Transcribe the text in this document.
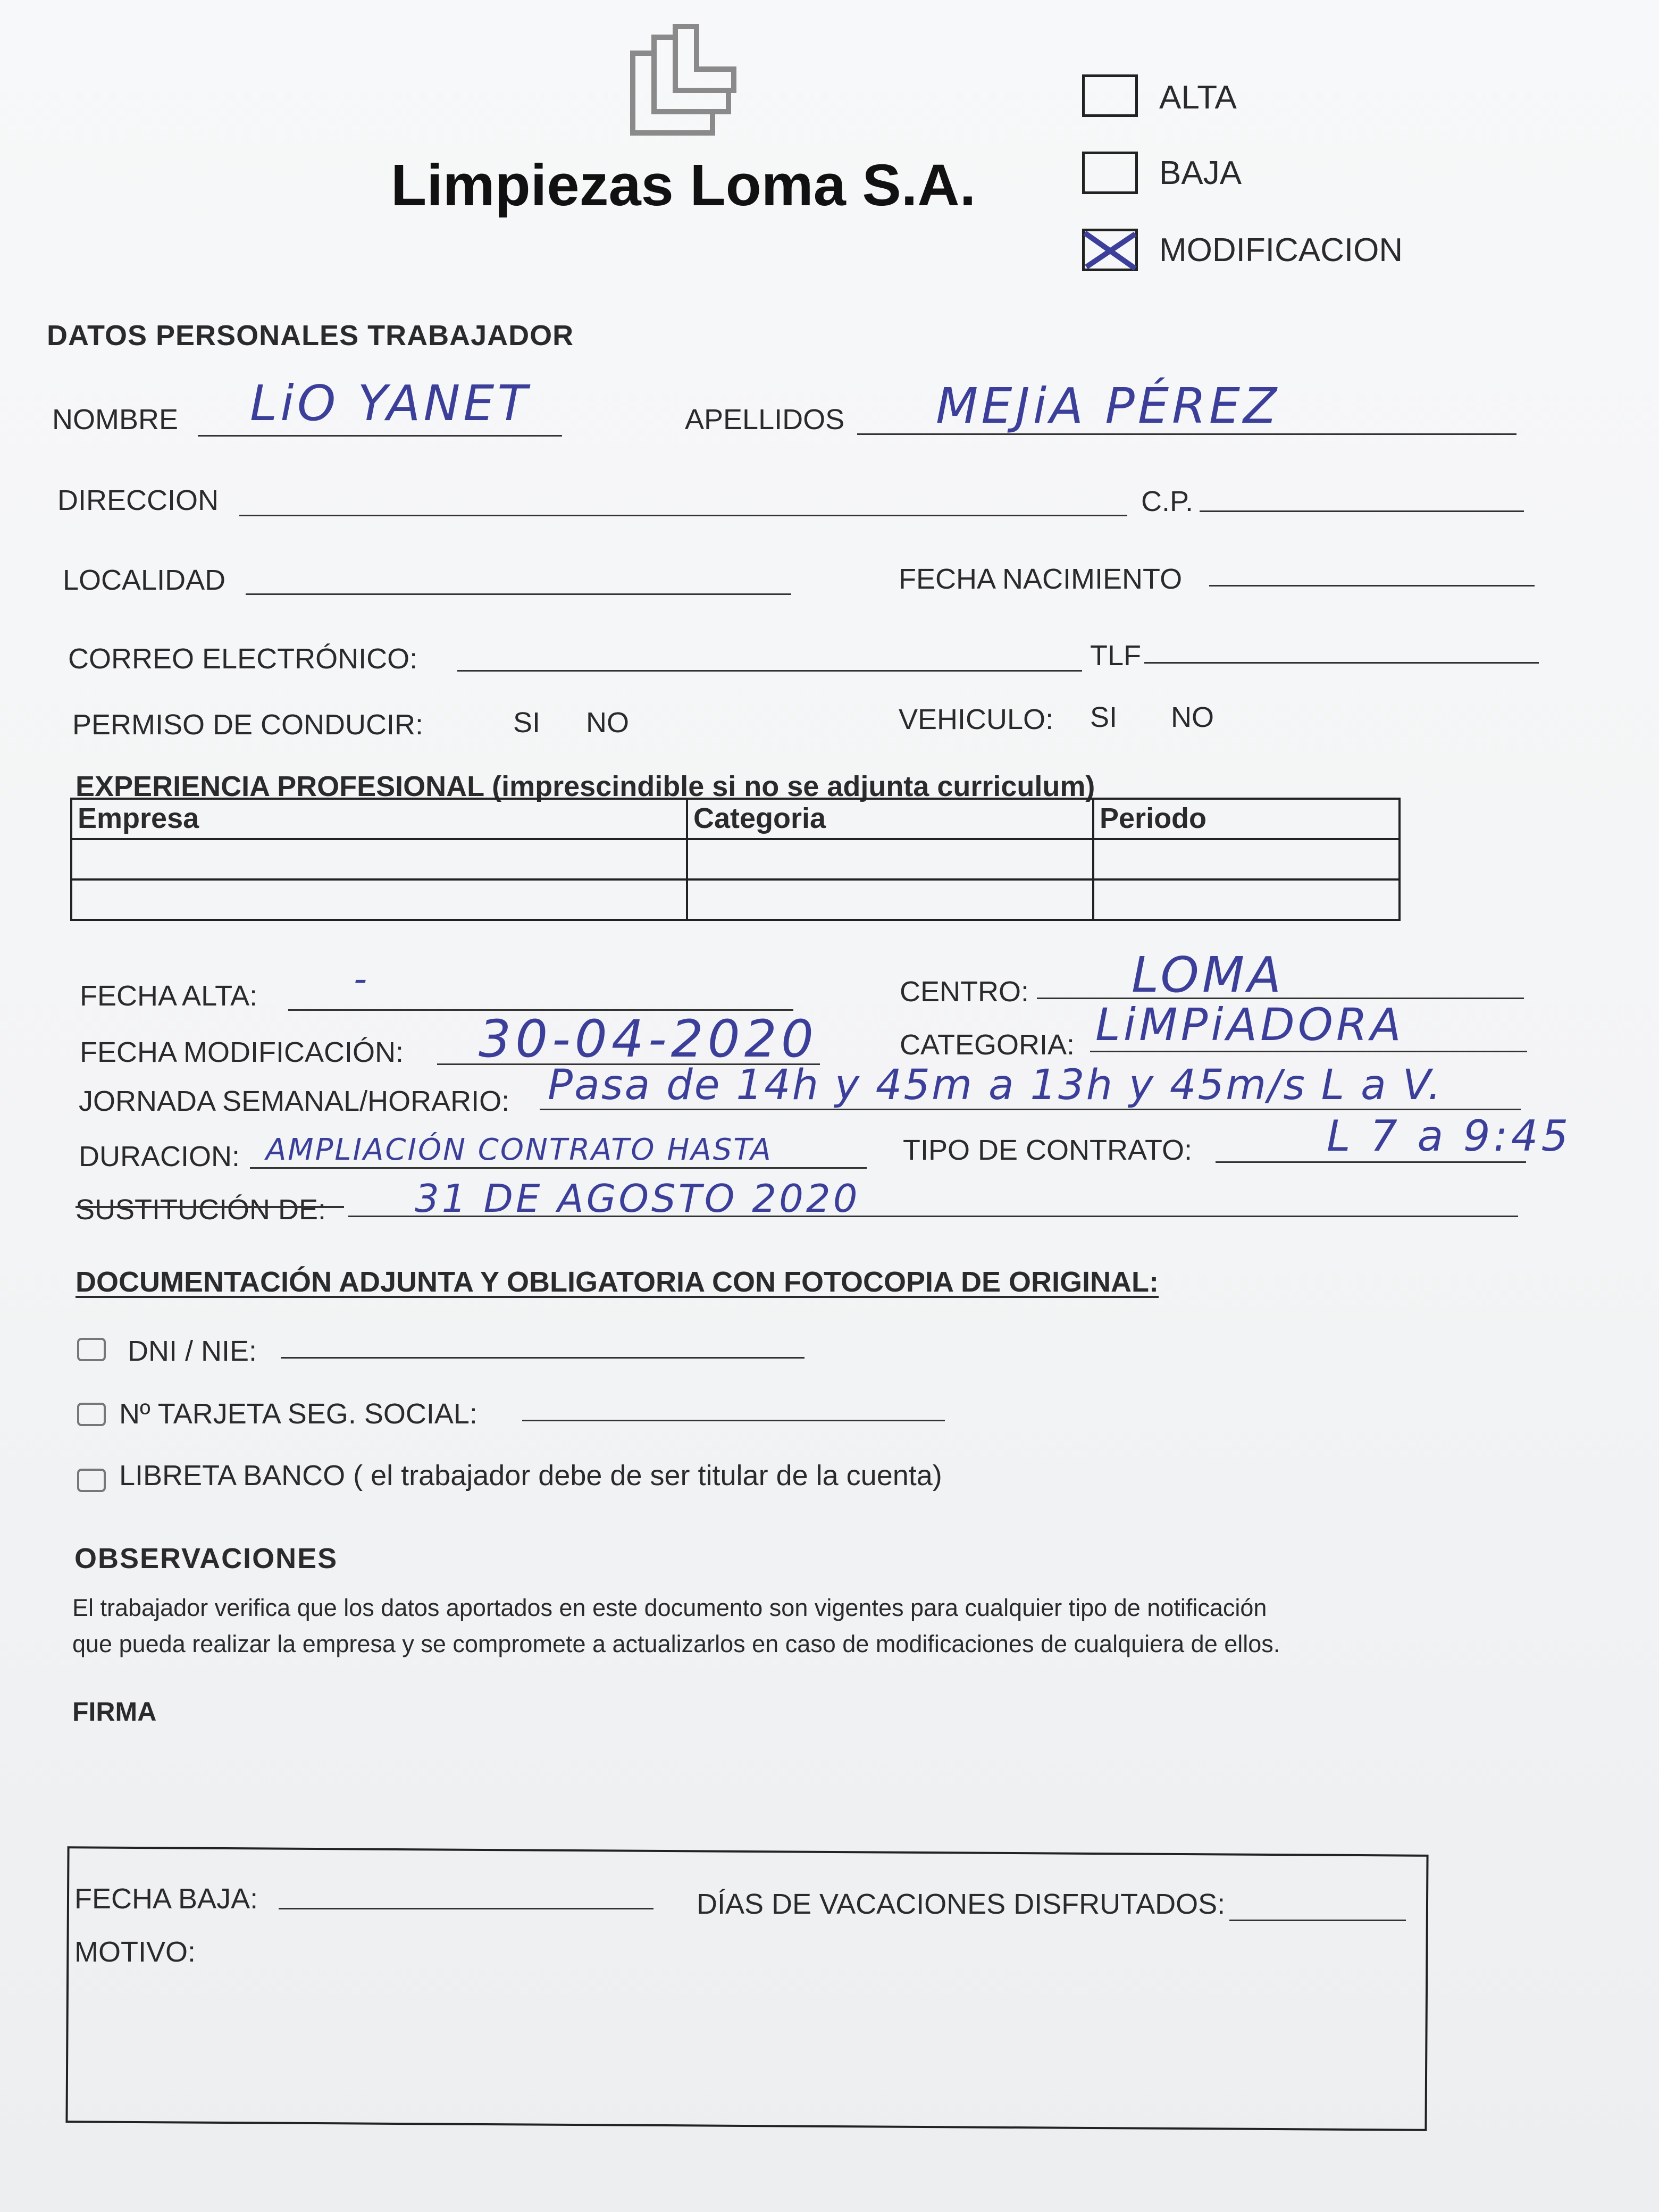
Limpiezas Loma S.A.
ALTA
BAJA
MODIFICACION
DATOS PERSONALES TRABAJADOR
NOMBRE LiO YANET	APELLIDOS MEJiA PÉREZ
DIRECCION	C.P.
LOCALIDAD	FECHA NACIMIENTO
CORREO ELECTRÓNICO:	TLF
PERMISO DE CONDUCIR:	SI NO	VEHICULO: SI NO
EXPERIENCIA PROFESIONAL (imprescindible si no se adjunta curriculum)
Empresa	Categoria	Periodo

FECHA ALTA:	-	CENTRO: LOMA
FECHA MODIFICACIÓN: 30-04-2020	CATEGORIA: LiMPiADORA
JORNADA SEMANAL/HORARIO: Pasa de 14h y 45m a 13h y 45m/s L a V.
DURACION: AMPLIACIÓN CONTRATO HASTA	TIPO DE CONTRATO:	L 7 a 9:45
SUSTITUCIÓN DE: 31 DE AGOSTO 2020
DOCUMENTACIÓN ADJUNTA Y OBLIGATORIA CON FOTOCOPIA DE ORIGINAL:
DNI / NIE:
Nº TARJETA SEG. SOCIAL:
LIBRETA BANCO ( el trabajador debe de ser titular de la cuenta)
OBSERVACIONES
El trabajador verifica que los datos aportados en este documento son vigentes para cualquier tipo de notificación
que pueda realizar la empresa y se compromete a actualizarlos en caso de modificaciones de cualquiera de ellos.
FIRMA
FECHA BAJA:	DÍAS DE VACACIONES DISFRUTADOS:
MOTIVO:
